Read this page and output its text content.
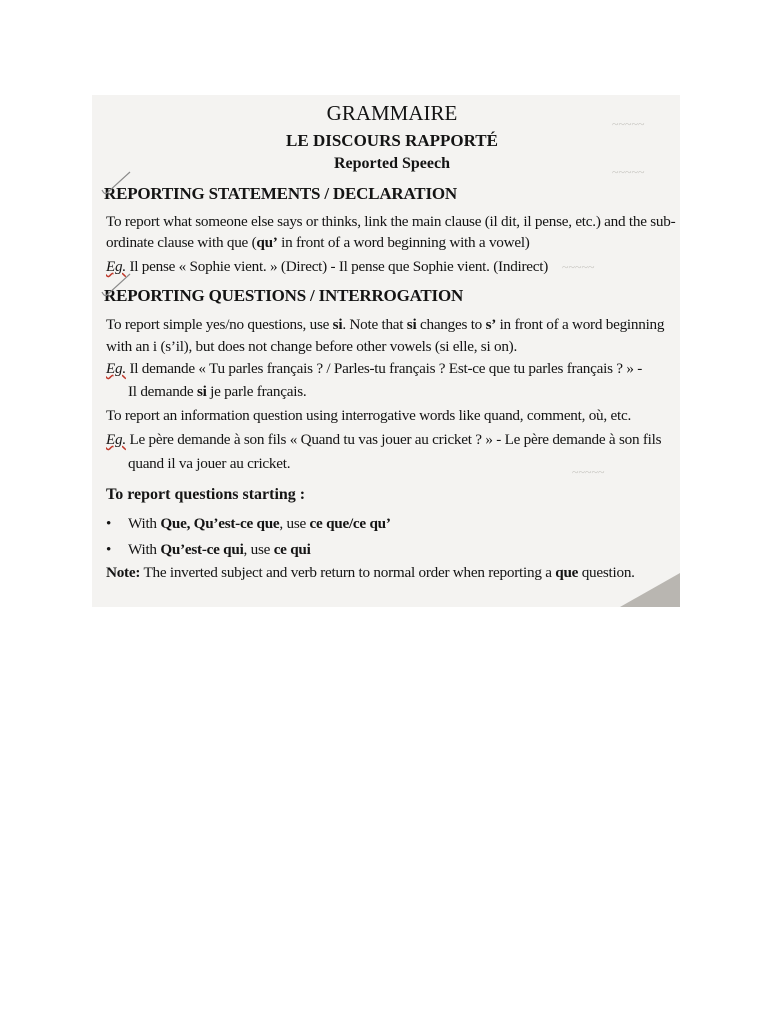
~~~~~
~~~~~
~~~~~
~~~~~
GRAMMAIRE
LE DISCOURS RAPPORTÉ
Reported Speech
REPORTING STATEMENTS / DECLARATION
To report what someone else says or thinks, link the main clause (il dit, il pense, etc.) and the sub-
ordinate clause with que (qu’ in front of a word beginning with a vowel)
Eg. Il pense « Sophie vient. » (Direct) - Il pense que Sophie vient. (Indirect)
REPORTING QUESTIONS / INTERROGATION
To report simple yes/no questions, use si. Note that si changes to s’ in front of a word beginning
with an i (s’il), but does not change before other vowels (si elle, si on).
Eg. Il demande « Tu parles français ? / Parles-tu français ? Est-ce que tu parles français ? » -
Il demande si je parle français.
To report an information question using interrogative words like quand, comment, où, etc.
Eg. Le père demande à son fils « Quand tu vas jouer au cricket ? » - Le père demande à son fils
quand il va jouer au cricket.
To report questions starting :
• With Que, Qu’est-ce que, use ce que/ce qu’
• With Qu’est-ce qui, use ce qui
Note: The inverted subject and verb return to normal order when reporting a que question.
